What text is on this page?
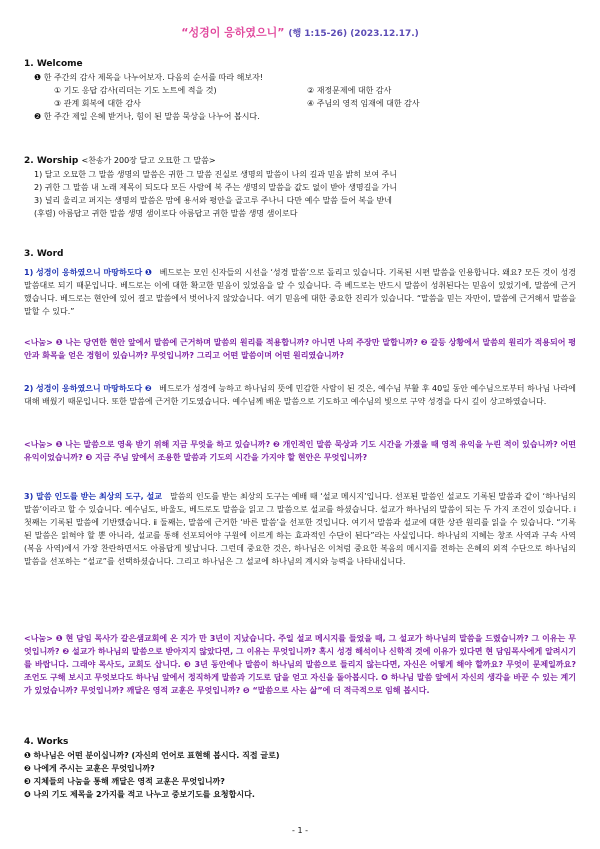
“성경이 응하였으니” (행 1:15-26) (2023.12.17.)
1. Welcome
❶ 한 주간의 감사 제목을 나누어보자. 다음의 순서를 따라 해보자!
① 기도 응답 감사(리더는 기도 노트에 적을 것)	② 재정문제에 대한 감사
③ 관계 회복에 대한 감사	④ 주님의 영적 임재에 대한 감사
❷ 한 주간 제일 은혜 받거나, 힘이 된 말씀 묵상을 나누어 봅시다.
2. Worship <찬송가 200장 달고 오묘한 그 말씀>
1) 달고 오묘한 그 말씀 생명의 말씀은 귀한 그 말씀 진실로 생명의 말씀이 나의 길과 믿음 밝히 보여 주니
2) 귀한 그 말씀 내 노래 제목이 되도다 모든 사람에 복 주는 생명의 말씀을 값도 없이 받아 생명길을 가니
3) 널리 울리고 퍼지는 생명의 말씀은 맘에 용서와 평안을 골고루 주나니 다만 예수 말씀 들어 복을 받네
(후렴) 아름답고 귀한 말씀 생명 샘이로다 아름답고 귀한 말씀 생명 샘이로다
3. Word
1) 성경이 응하였으니 마땅하도다 ❶ 베드로는 모인 신자들의 시선을 ‘성경 말씀’으로 돌리고 있습니다. 기록된 시편 말씀을 인용합니다. 왜요? 모든 것이 성경 말씀대로 되기 때문입니다. 베드로는 이에 대한 확고한 믿음이 있었음을 알 수 있습니다. 즉 베드로는 반드시 말씀이 성취된다는 믿음이 있었기에, 말씀에 근거했습니다. 베드로는 현안에 있어 결고 말씀에서 벗어나지 않았습니다. 여기 믿음에 대한 중요한 진리가 있습니다. “말씀을 믿는 자만이, 말씀에 근거해서 말씀을 말할 수 있다.”
<나눔> ❶ 나는 당연한 현안 앞에서 말씀에 근거하며 말씀의 원리를 적용합니까? 아니면 나의 주장만 말합니까? ❷ 갈등 상황에서 말씀의 원리가 적용되어 평안과 화목을 얻은 경험이 있습니까? 무엇입니까? 그리고 어떤 말씀이며 어떤 원리였습니까?
2) 성경이 응하였으니 마땅하도다 ❷ 베드로가 성경에 능하고 하나님의 뜻에 민감한 사람이 된 것은, 예수님 부활 후 40일 동안 예수님으로부터 하나님 나라에 대해 배웠기 때문입니다. 또한 말씀에 근거한 기도였습니다. 예수님께 배운 말씀으로 기도하고 예수님의 빛으로 구약 성경을 다시 깊이 상고하였습니다.
<나눔> ❶ 나는 말씀으로 영육 받기 위해 지금 무엇을 하고 있습니까? ❷ 개인적인 말씀 묵상과 기도 시간을 가졌을 때 영적 유익을 누린 적이 있습니까? 어떤 유익이었습니까? ❸ 지금 주님 앞에서 조용한 말씀과 기도의 시간을 가지야 할 현안은 무엇입니까?
3) 말씀 인도를 받는 최상의 도구, 설교 말씀의 인도를 받는 최상의 도구는 예배 때 ‘설교 메시지’입니다. 선포된 말씀인 설교도 기록된 말씀과 같이 ‘하나님의 말씀’이라고 할 수 있습니다. 예수님도, 바울도, 베드로도 말씀을 읽고 그 말씀으로 설교를 하셨습니다. 설교가 하나님의 말씀이 되는 두 가지 조건이 있습니다. ⅰ 첫째는 기록된 말씀에 기반했습니다. ⅱ 둘째는, 말씀에 근거한 ‘바른 말씀’을 선포한 것입니다. 여기서 말씀과 설교에 대한 상관 원리를 읽을 수 있습니다. “기록된 말씀은 읽혀야 할 뿐 아니라, 설교를 통해 선포되어야 구원에 이르게 하는 효과적인 수단이 된다”라는 사실입니다. 하나님의 지혜는 창조 사역과 구속 사역(복음 사역)에서 가장 찬란하면서도 아름답게 빛납니다. 그런데 중요한 것은, 하나님은 이처럼 중요한 복음의 메시지를 전하는 은혜의 외적 수단으로 하나님의 말씀을 선포하는 “설교”를 선택하셨습니다. 그리고 하나님은 그 설교에 하나님의 계시와 능력을 나타내십니다.
<나눔> ❶ 현 담임 목사가 갈은샘교회에 온 지가 만 3년이 지났습니다. 주일 설교 메시지를 들었을 때, 그 설교가 하나님의 말씀을 드렸습니까? 그 이유는 무엇입니까? ❷ 설교가 하나님의 말씀으로 받아지지 않았다면, 그 이유는 무엇입니까? 혹시 성경 해석이나 신학적 것에 이유가 있다면 현 담임목사에게 알려시기를 바랍니다. 그래야 목사도, 교회도 삽니다. ❸ 3년 동안에나 말씀이 하나님의 말씀으로 들리지 않는다면, 자신은 어떻게 해야 할까요? 무엇이 문제일까요? 조언도 구해 보시고 무엇보다도 하나님 앞에서 정직하게 말씀과 기도로 답을 얻고 자신을 돌아봅시다. ❹ 하나님 말씀 앞에서 자신의 생각을 바꾼 수 있는 계기가 있었습니까? 무엇입니까? 깨달은 영적 교훈은 무엇입니까? ❺ “말씀으로 사는 삶”에 더 적극적으로 임해 봅시다.
4. Works
❶ 하나님은 어떤 분이십니까? (자신의 언어로 표현해 봅시다. 직접 글로)
❷ 나에게 주시는 교훈은 무엇입니까?
❸ 지체들의 나눔을 통해 깨달은 영적 교훈은 무엇입니까?
❹ 나의 기도 제목을 2가지를 적고 나누고 중보기도를 요청합시다.
- 1 -
